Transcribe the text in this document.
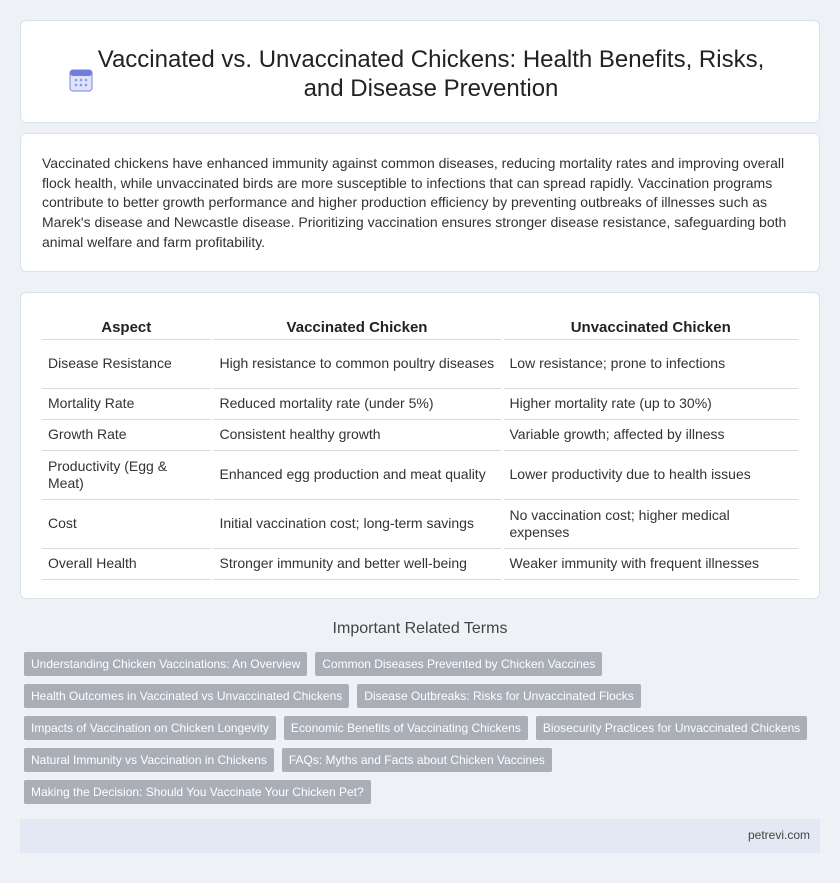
Vaccinated vs. Unvaccinated Chickens: Health Benefits, Risks, and Disease Prevention

Vaccinated chickens have enhanced immunity against common diseases, reducing mortality rates and improving overall flock health, while unvaccinated birds are more susceptible to infections that can spread rapidly. Vaccination programs contribute to better growth performance and higher production efficiency by preventing outbreaks of illnesses such as Marek's disease and Newcastle disease. Prioritizing vaccination ensures stronger disease resistance, safeguarding both animal welfare and farm profitability.

Aspect	Vaccinated Chicken	Unvaccinated Chicken
Disease Resistance	High resistance to common poultry diseases	Low resistance; prone to infections
Mortality Rate	Reduced mortality rate (under 5%)	Higher mortality rate (up to 30%)
Growth Rate	Consistent healthy growth	Variable growth; affected by illness
Productivity (Egg & Meat)	Enhanced egg production and meat quality	Lower productivity due to health issues
Cost	Initial vaccination cost; long-term savings	No vaccination cost; higher medical expenses
Overall Health	Stronger immunity and better well-being	Weaker immunity with frequent illnesses
Important Related Terms
Understanding Chicken Vaccinations: An Overview Common Diseases Prevented by Chicken Vaccines
Health Outcomes in Vaccinated vs Unvaccinated Chickens Disease Outbreaks: Risks for Unvaccinated Flocks
Impacts of Vaccination on Chicken Longevity Economic Benefits of Vaccinating Chickens Biosecurity Practices for Unvaccinated Chickens
Natural Immunity vs Vaccination in Chickens FAQs: Myths and Facts about Chicken Vaccines
Making the Decision: Should You Vaccinate Your Chicken Pet?
petrevi.com
